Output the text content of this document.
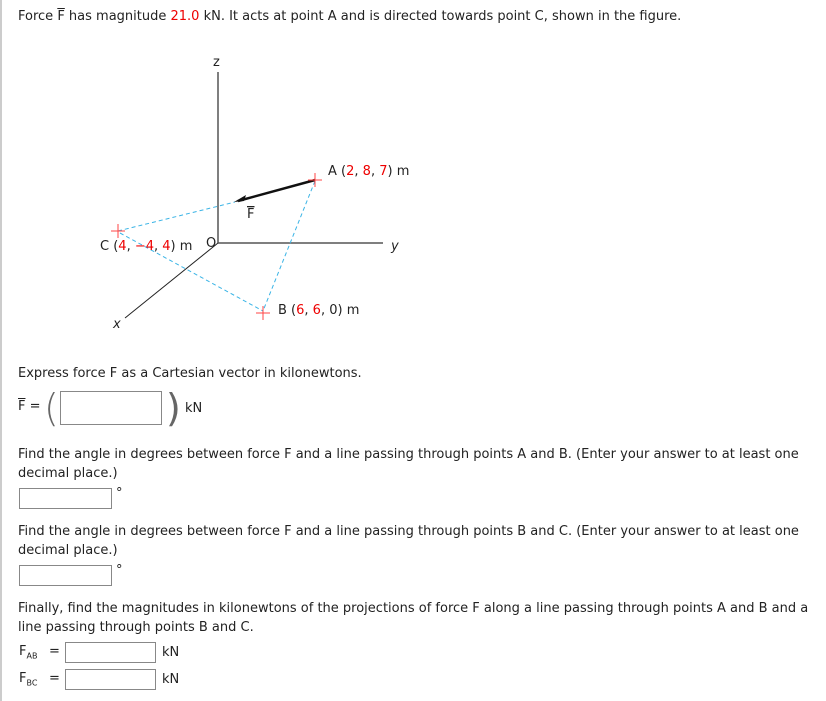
Force $\overline{F}$ has magnitude 21.0 kN. It acts at point A and is directed towards point C, shown in the figure.
z
y
x
O
F
A (2, 8, 7) m
C (4, −4, 4) m
B (6, 6, 0) m
Express force F as a Cartesian vector in kilonewtons.
$\overline{F}$ = (	) kN
Find the angle in degrees between force F and a line passing through points A and B. (Enter your answer to at least one
decimal place.)
°
Find the angle in degrees between force F and a line passing through points B and C. (Enter your answer to at least one
decimal place.)
°
Finally, find the magnitudes in kilonewtons of the projections of force F along a line passing through points A and B and a
line passing through points B and C.
$F_{AB}$ =	kN
$F_{BC}$ =	kN
